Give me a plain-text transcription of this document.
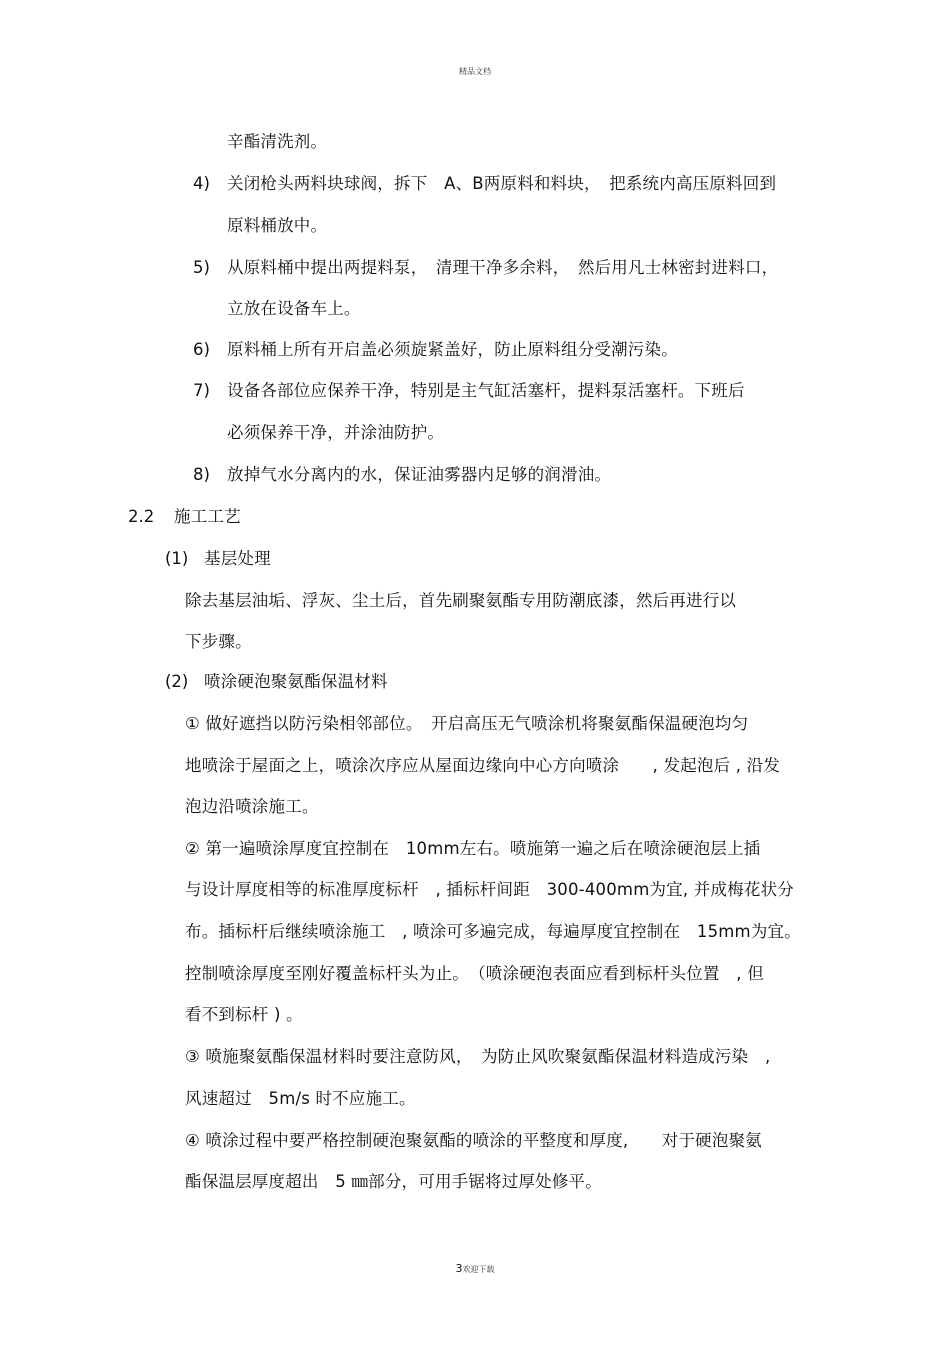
精品文档
4)
5)
6)
7)
8)
2.2
(1)
(2)
辛酯清洗剂。
关闭枪头两料块球阀，拆下　A、B两原料和料块，　把系统内高压原料回到
原料桶放中。
从原料桶中提出两提料泵，　清理干净多余料，　然后用凡士林密封进料口，
立放在设备车上。
原料桶上所有开启盖必须旋紧盖好，防止原料组分受潮污染。
设备各部位应保养干净，特别是主气缸活塞杆，提料泵活塞杆。下班后
必须保养干净，并涂油防护。
放掉气水分离内的水，保证油雾器内足够的润滑油。
施工工艺
基层处理
除去基层油垢、浮灰、尘土后，首先刷聚氨酯专用防潮底漆，然后再进行以
下步骤。
喷涂硬泡聚氨酯保温材料
① 做好遮挡以防污染相邻部位。　开启高压无气喷涂机将聚氨酯保温硬泡均匀
地喷涂于屋面之上，喷涂次序应从屋面边缘向中心方向喷涂　　, 发起泡后 , 沿发
泡边沿喷涂施工。
② 第一遍喷涂厚度宜控制在　10mm左右。喷施第一遍之后在喷涂硬泡层上插
与设计厚度相等的标准厚度标杆　, 插标杆间距　300-400mm为宜, 并成梅花状分
布。插标杆后继续喷涂施工　, 喷涂可多遍完成，每遍厚度宜控制在　15mm为宜。
控制喷涂厚度至刚好覆盖标杆头为止。　（喷涂硬泡表面应看到标杆头位置　, 但
看不到标杆 ) 。
③ 喷施聚氨酯保温材料时要注意防风，　为防止风吹聚氨酯保温材料造成污染　,
风速超过　5m/s 时不应施工。
④ 喷涂过程中要严格控制硬泡聚氨酯的喷涂的平整度和厚度,　　对于硬泡聚氨
酯保温层厚度超出　5 ㎜部分，可用手锯将过厚处修平。
3欢迎下载
